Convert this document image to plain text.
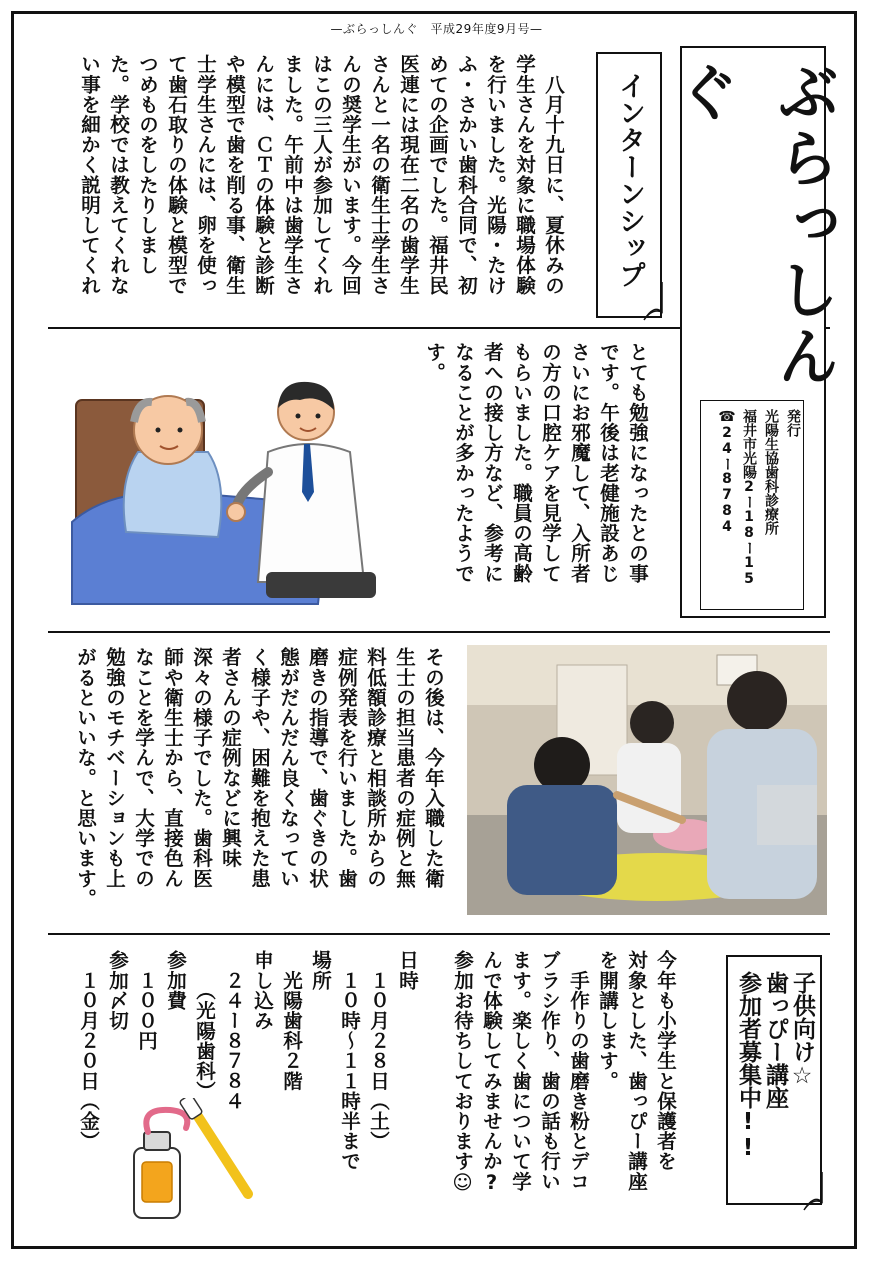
—ぶらっしんぐ　平成29年度9月号—
ぶらっしんぐ
発行
光陽生協歯科診療所
福井市光陽2ー18ー15
☎24ー8784
インターンシップ
　八月十九日に、夏休みの
学生さんを対象に職場体験
を行いました。光陽・たけ
ふ・さかい歯科合同で、初
めての企画でした。福井民
医連には現在二名の歯学生
さんと一名の衛生士学生さ
んの奨学生がいます。今回
はこの三人が参加してくれ
ました。午前中は歯学生さ
んには、ＣＴの体験と診断
や模型で歯を削る事、衛生
士学生さんには、卵を使っ
て歯石取りの体験と模型で
つめものをしたりしまし
た。学校では教えてくれな
い事を細かく説明してくれ
とても勉強になったとの事
です。午後は老健施設あじ
さいにお邪魔して、入所者
の方の口腔ケアを見学して
もらいました。職員の高齢
者への接し方など、参考に
なることが多かったようで
す。
その後は、今年入職した衛
生士の担当患者の症例と無
料低額診療と相談所からの
症例発表を行いました。歯
磨きの指導で、歯ぐきの状
態がだんだん良くなってい
く様子や、困難を抱えた患
者さんの症例などに興味
深々の様子でした。歯科医
師や衛生士から、直接色ん
なことを学んで、大学での
勉強のモチベーションも上
がるといいな。と思います。
子供向け☆
歯っぴー講座
参加者募集中!!
今年も小学生と保護者を
対象とした、歯っぴー講座
を開講します。
　手作りの歯磨き粉とデコ
ブラシ作り、歯の話も行い
ます。楽しく歯について学
んで体験してみませんか?
参加お待ちしております☺
日時
　１０月２８日（土）
　１０時〜１１時半まで
場所
　光陽歯科２階
申し込み
　２４ー８７８４
　　（光陽歯科）
参加費
　１００円
参加〆切
　１０月２０日（金）
